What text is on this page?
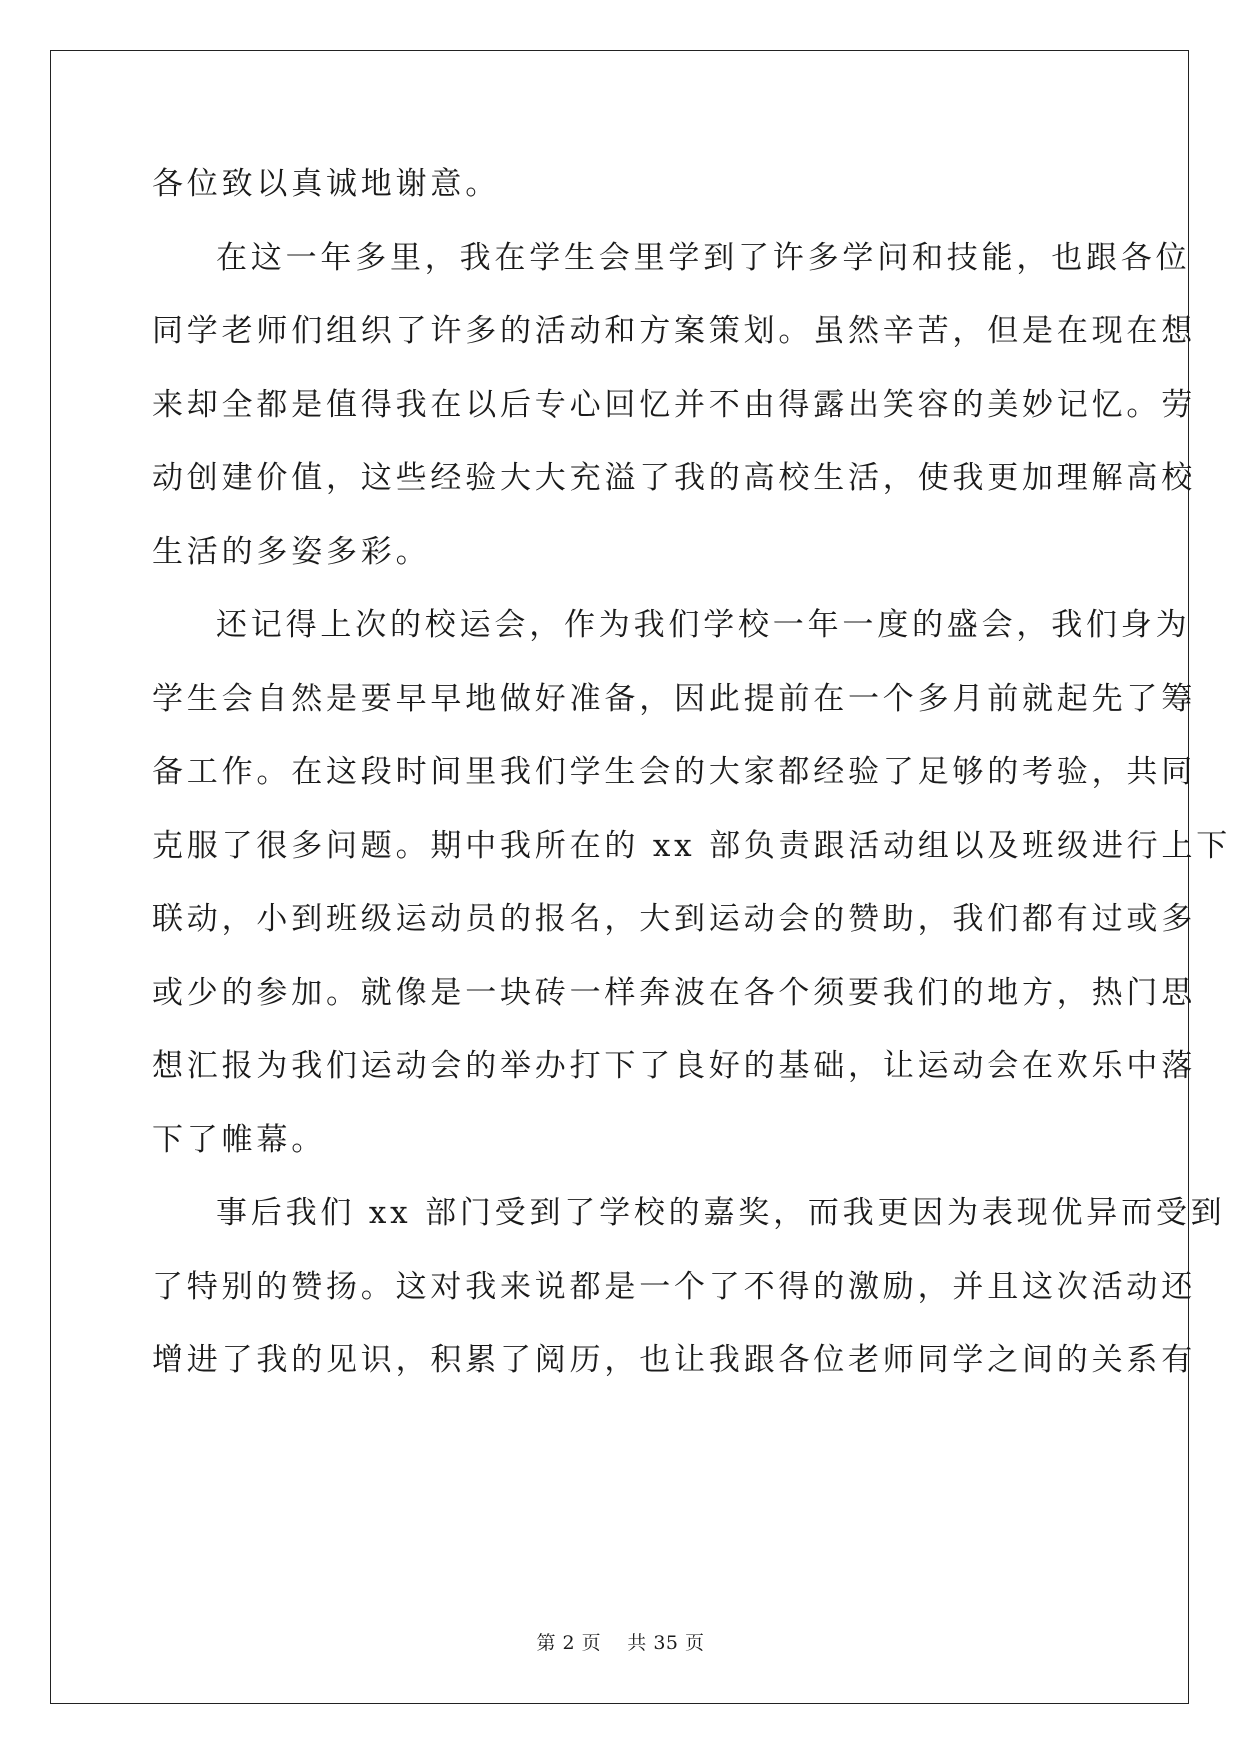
各位致以真诚地谢意。
在这一年多里，我在学生会里学到了许多学问和技能，也跟各位
同学老师们组织了许多的活动和方案策划。虽然辛苦，但是在现在想
来却全都是值得我在以后专心回忆并不由得露出笑容的美妙记忆。劳
动创建价值，这些经验大大充溢了我的高校生活，使我更加理解高校
生活的多姿多彩。
还记得上次的校运会，作为我们学校一年一度的盛会，我们身为
学生会自然是要早早地做好准备，因此提前在一个多月前就起先了筹
备工作。在这段时间里我们学生会的大家都经验了足够的考验，共同
克服了很多问题。期中我所在的 xx 部负责跟活动组以及班级进行上下
联动，小到班级运动员的报名，大到运动会的赞助，我们都有过或多
或少的参加。就像是一块砖一样奔波在各个须要我们的地方，热门思
想汇报为我们运动会的举办打下了良好的基础，让运动会在欢乐中落
下了帷幕。
事后我们 xx 部门受到了学校的嘉奖，而我更因为表现优异而受到
了特别的赞扬。这对我来说都是一个了不得的激励，并且这次活动还
增进了我的见识，积累了阅历，也让我跟各位老师同学之间的关系有
第 2 页 共 35 页
